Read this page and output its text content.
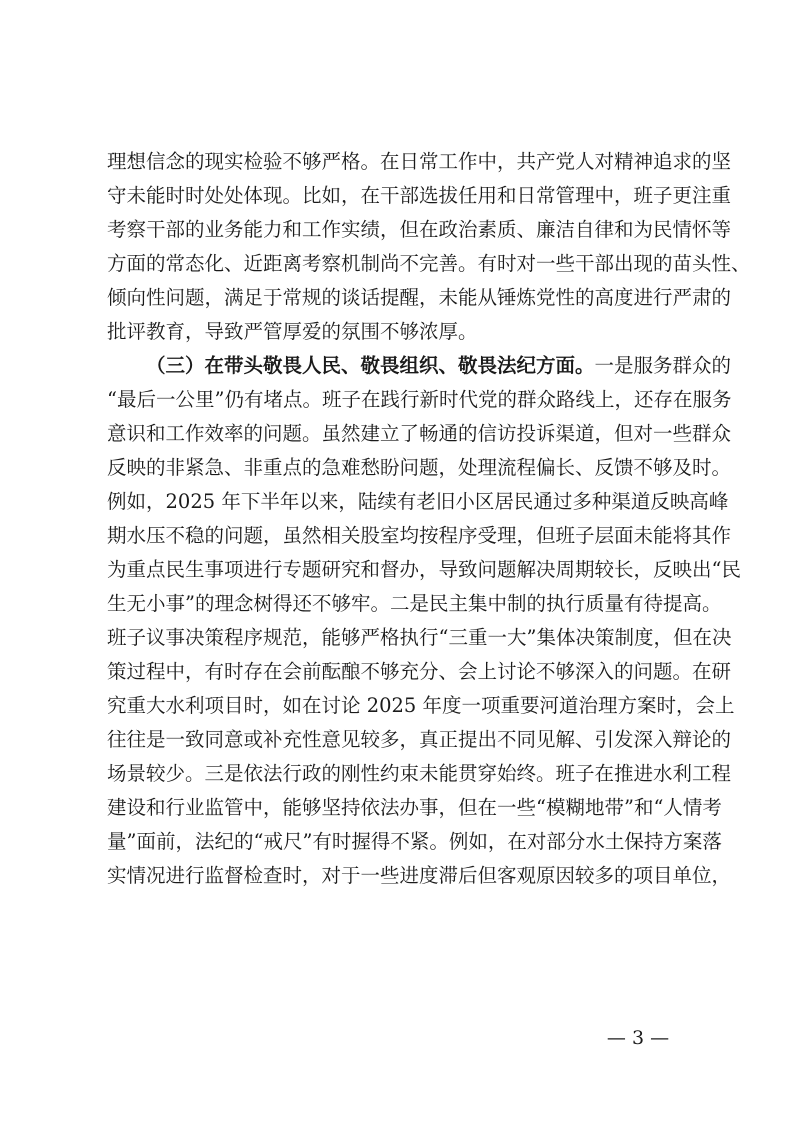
理想信念的现实检验不够严格。在日常工作中，共产党人对精神追求的坚
守未能时时处处体现。比如，在干部选拔任用和日常管理中，班子更注重
考察干部的业务能力和工作实绩，但在政治素质、廉洁自律和为民情怀等
方面的常态化、近距离考察机制尚不完善。有时对一些干部出现的苗头性、
倾向性问题，满足于常规的谈话提醒，未能从锤炼党性的高度进行严肃的
批评教育，导致严管厚爱的氛围不够浓厚。
（三）在带头敬畏人民、敬畏组织、敬畏法纪方面。一是服务群众的
“最后一公里”仍有堵点。班子在践行新时代党的群众路线上，还存在服务
意识和工作效率的问题。虽然建立了畅通的信访投诉渠道，但对一些群众
反映的非紧急、非重点的急难愁盼问题，处理流程偏长、反馈不够及时。
例如，2025 年下半年以来，陆续有老旧小区居民通过多种渠道反映高峰
期水压不稳的问题，虽然相关股室均按程序受理，但班子层面未能将其作
为重点民生事项进行专题研究和督办，导致问题解决周期较长，反映出“民
生无小事”的理念树得还不够牢。二是民主集中制的执行质量有待提高。
班子议事决策程序规范，能够严格执行“三重一大”集体决策制度，但在决
策过程中，有时存在会前酝酿不够充分、会上讨论不够深入的问题。在研
究重大水利项目时，如在讨论 2025 年度一项重要河道治理方案时，会上
往往是一致同意或补充性意见较多，真正提出不同见解、引发深入辩论的
场景较少。三是依法行政的刚性约束未能贯穿始终。班子在推进水利工程
建设和行业监管中，能够坚持依法办事，但在一些“模糊地带”和“人情考
量”面前，法纪的“戒尺”有时握得不紧。例如，在对部分水土保持方案落
实情况进行监督检查时，对于一些进度滞后但客观原因较多的项目单位，
— 3 —
